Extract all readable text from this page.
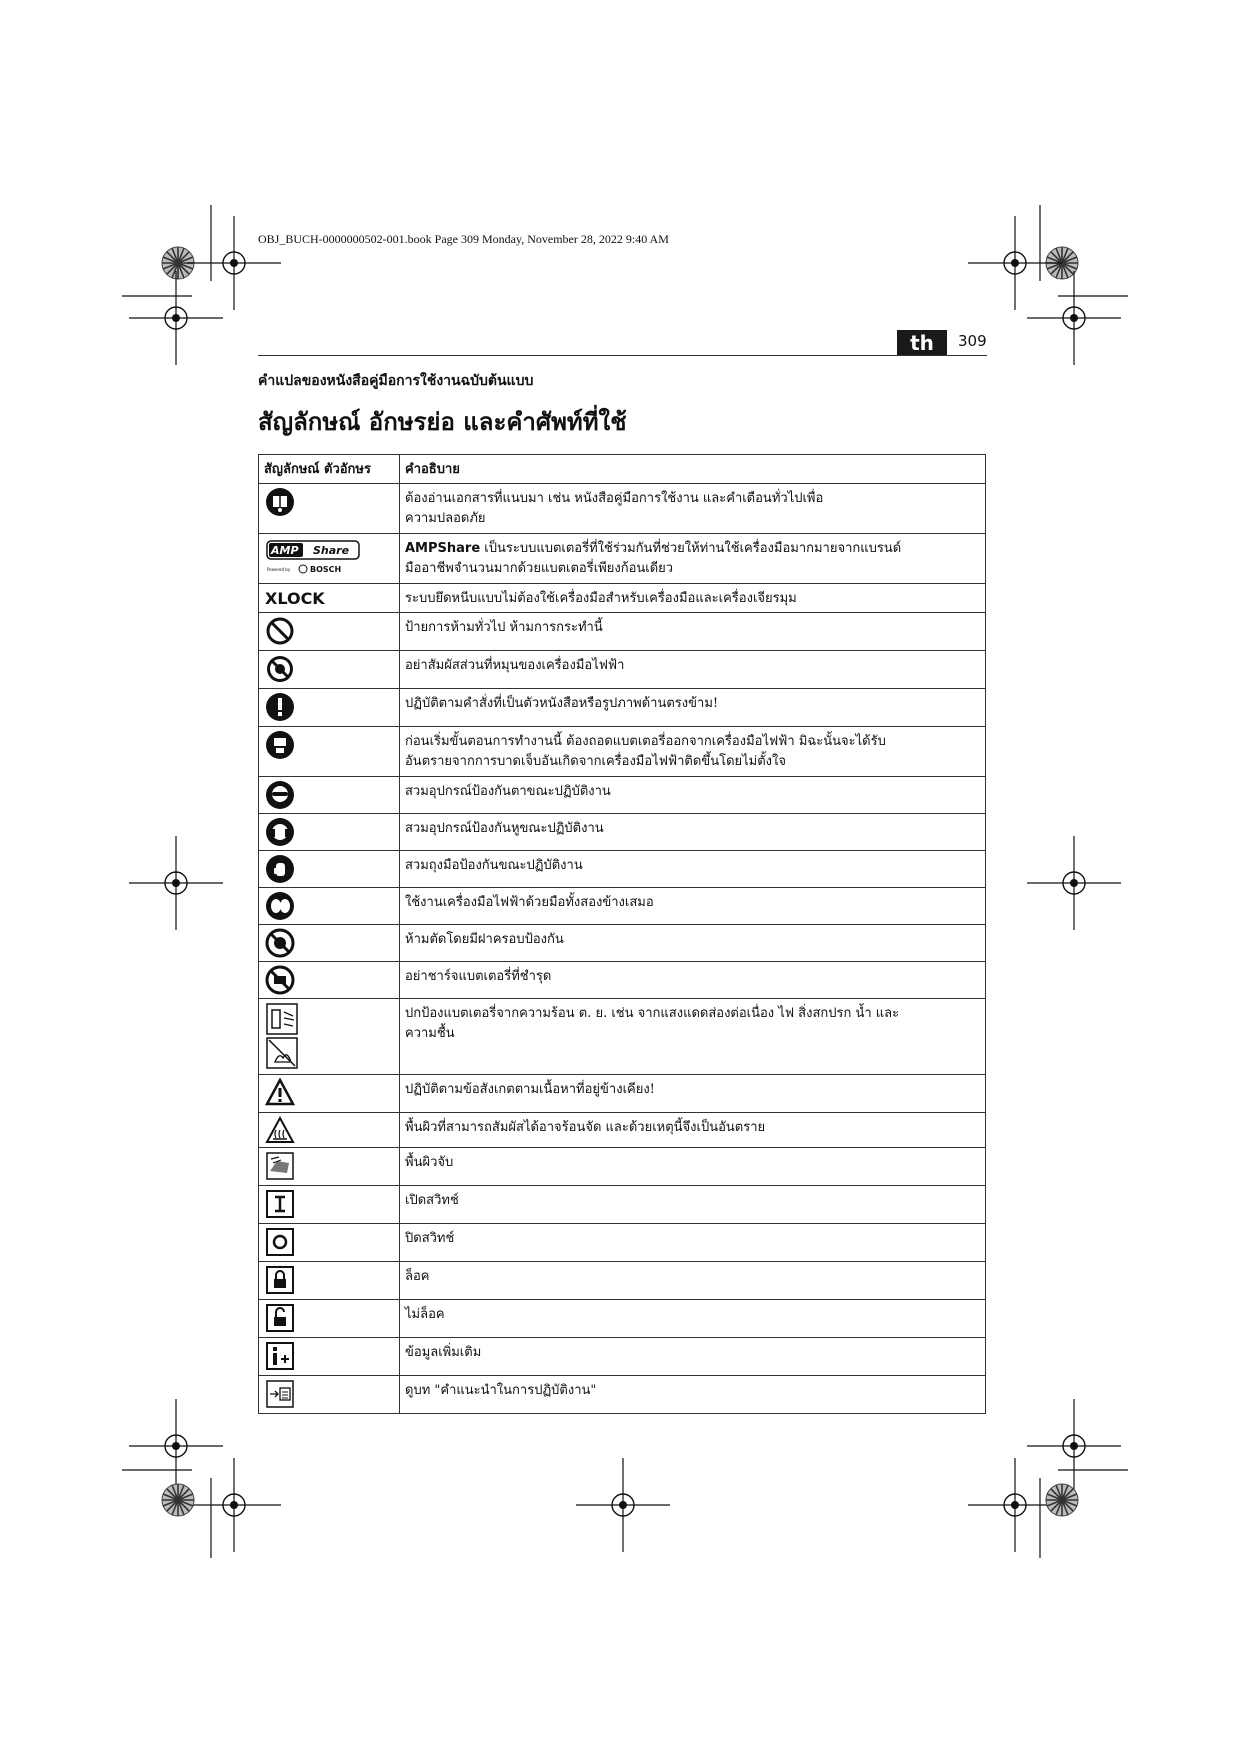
OBJ_BUCH-0000000502-001.book Page 309 Monday, November 28, 2022 9:40 AM
th	309
คำแปลของหนังสือคู่มือการใช้งานฉบับต้นแบบ
สัญลักษณ์ อักษรย่อ และคำศัพท์ที่ใช้
สัญลักษณ์ ตัวอักษร	คำอธิบาย

	ต้องอ่านเอกสารที่แนบมา เช่น หนังสือคู่มือการใช้งาน และคำเตือนทั่วไปเพื่อ
ความปลอดภัย

AMP Share
Powered by BOSCH	AMPShare เป็นระบบแบตเตอรี่ที่ใช้ร่วมกันที่ช่วยให้ท่านใช้เครื่องมือมากมายจากแบรนด์
มืออาชีพจำนวนมากด้วยแบตเตอรี่เพียงก้อนเดียว

XLOCK	ระบบยึดหนีบแบบไม่ต้องใช้เครื่องมือสำหรับเครื่องมือและเครื่องเจียรมุม

	ป้ายการห้ามทั่วไป ห้ามการกระทำนี้

	อย่าสัมผัสส่วนที่หมุนของเครื่องมือไฟฟ้า

	ปฏิบัติตามคำสั่งที่เป็นตัวหนังสือหรือรูปภาพด้านตรงข้าม!

	ก่อนเริ่มขั้นตอนการทำงานนี้ ต้องถอดแบตเตอรี่ออกจากเครื่องมือไฟฟ้า มิฉะนั้นจะได้รับ
อันตรายจากการบาดเจ็บอันเกิดจากเครื่องมือไฟฟ้าติดขึ้นโดยไม่ตั้งใจ

	สวมอุปกรณ์ป้องกันตาขณะปฏิบัติงาน

	สวมอุปกรณ์ป้องกันหูขณะปฏิบัติงาน

	สวมถุงมือป้องกันขณะปฏิบัติงาน

	ใช้งานเครื่องมือไฟฟ้าด้วยมือทั้งสองข้างเสมอ

	ห้ามตัดโดยมีฝาครอบป้องกัน

	อย่าชาร์จแบตเตอรี่ที่ชำรุด

	ปกป้องแบตเตอรี่จากความร้อน ต. ย. เช่น จากแสงแดดส่องต่อเนื่อง ไฟ สิ่งสกปรก น้ำ และ
ความชื้น

	ปฏิบัติตามข้อสังเกตตามเนื้อหาที่อยู่ข้างเคียง!

	พื้นผิวที่สามารถสัมผัสได้อาจร้อนจัด และด้วยเหตุนี้จึงเป็นอันตราย

	พื้นผิวจับ

	เปิดสวิทช์

	ปิดสวิทช์

	ล็อค

	ไม่ล็อค

	ข้อมูลเพิ่มเติม

	ดูบท "คำแนะนำในการปฏิบัติงาน"
